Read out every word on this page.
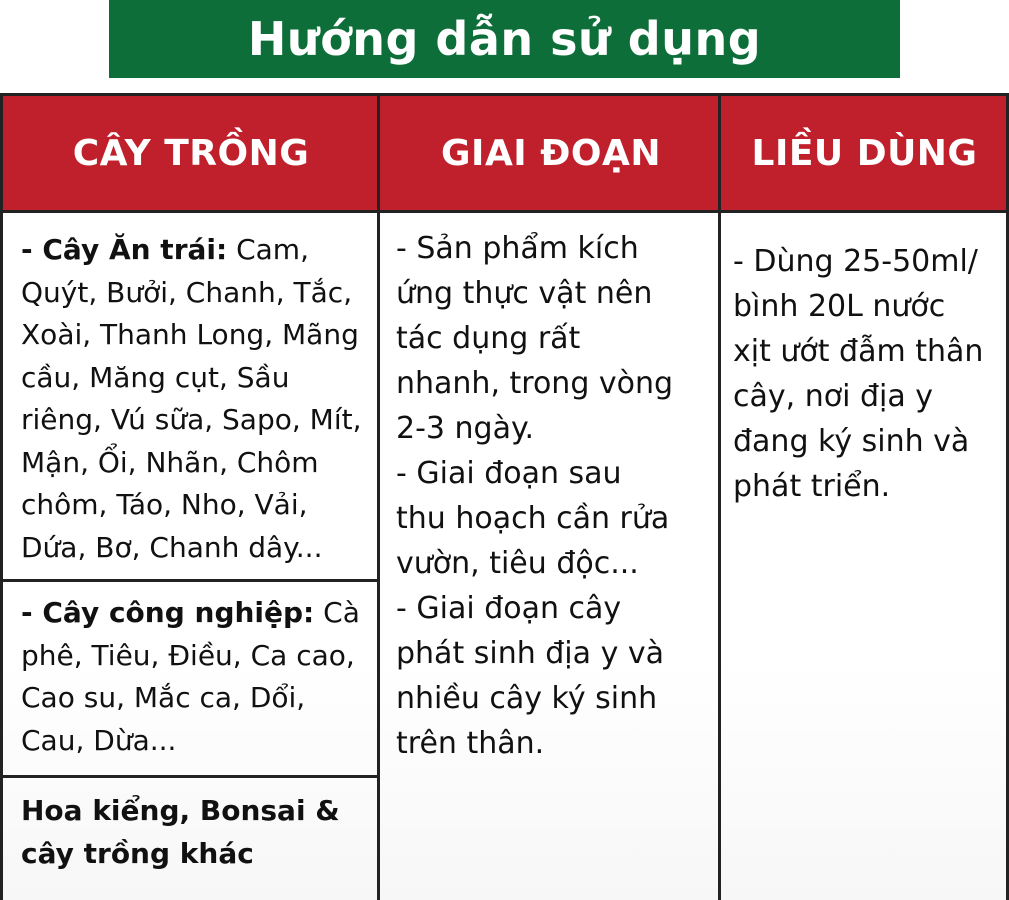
Hướng dẫn sử dụng
CÂY TRỒNG	GIAI ĐOẠN	LIỀU DÙNG
- Cây Ăn trái: Cam,
Quýt, Bưởi, Chanh, Tắc,
Xoài, Thanh Long, Mãng
cầu, Măng cụt, Sầu
riêng, Vú sữa, Sapo, Mít,
Mận, Ổi, Nhãn, Chôm
chôm, Táo, Nho, Vải,
Dứa, Bơ, Chanh dây...
- Cây công nghiệp: Cà
phê, Tiêu, Điều, Ca cao,
Cao su, Mắc ca, Dổi,
Cau, Dừa...
Hoa kiểng, Bonsai &
cây trồng khác
- Sản phẩm kích
ứng thực vật nên
tác dụng rất
nhanh, trong vòng
2-3 ngày.
- Giai đoạn sau
thu hoạch cần rửa
vườn, tiêu độc...
- Giai đoạn cây
phát sinh địa y và
nhiều cây ký sinh
trên thân.
- Dùng 25-50ml/
bình 20L nước
xịt ướt đẫm thân
cây, nơi địa y
đang ký sinh và
phát triển.
